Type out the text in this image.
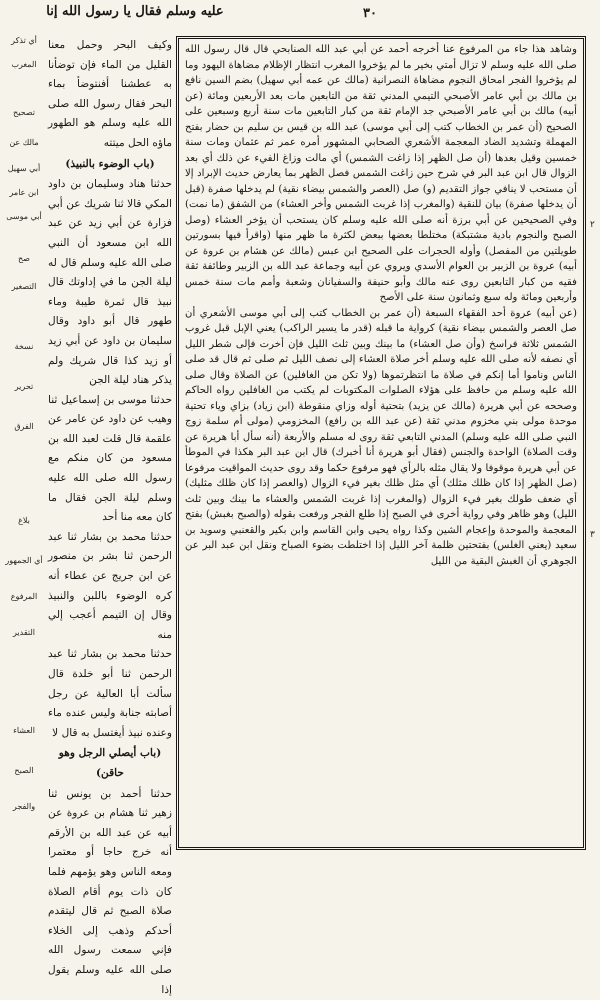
عليه وسلم فقال يا رسول الله إنا	٣٠

وشاهد هذا جاء من المرفوع عنا أخرجه أحمد عن أبي عبد الله الصنابحي قال قال رسول الله صلى الله عليه وسلم لا تزال أمتي بخير ما لم يؤخروا المغرب انتظار الإظلام مضاهاة اليهود وما لم يؤخروا الفجر امحاق النجوم مضاهاة النصرانية (مالك عن عمه أبي سهيل) بضم السين نافع بن مالك بن أبي عامر الأصبحي التيمي المدني ثقة من التابعين مات بعد الأربعين ومائة (عن أبيه) مالك بن أبي عامر الأصبحي جد الإمام ثقة من كبار التابعين مات سنة أربع وسبعين على الصحيح (أن عمر بن الخطاب كتب إلى أبي موسى) عبد الله بن قيس بن سليم بن حضار بفتح المهملة وتشديد الضاد المعجمة الأشعري الصحابي المشهور أمره عمر ثم عثمان ومات سنة خمسين وقيل بعدها (أن صل الظهر إذا زاغت الشمس) أي مالت وزاغ الفيء عن ذلك أي بعد الزوال قال ابن عبد البر في شرح حين زاغت الشمس فصل الظهر بما يعارض حديث الإبراد إلا أن مستحب لا ينافي جواز التقديم (و) صل (العصر والشمس بيضاء نقية) لم يدخلها صفرة (قبل أن يدخلها صفرة) بيان للنقية (والمغرب إذا غربت الشمس وأخر العشاء) من الشفق (ما نمت) وفي الصحيحين عن أبي برزة أنه صلى الله عليه وسلم كان يستحب أن يؤخر العشاء (وصل الصبح والنجوم بادية مشتبكة) مختلطا بعضها ببعض لكثرة ما ظهر منها (واقرأ فيها بسورتين طويلتين من المفصل) وأوله الحجرات على الصحيح ابن عبس (مالك عن هشام بن عروة عن أبيه) عروة بن الزبير بن العوام الأسدي ويروي عن أبيه وجماعة عبد الله بن الزبير وطائفة ثقة فقيه من كبار التابعين روى عنه مالك وأبو حنيفة والسفيانان وشعبة وأمم مات سنة خمس وأربعين ومائة وله سبع وثمانون سنة على الأصح

(عن أبيه) عروة أحد الفقهاء السبعة (أن عمر بن الخطاب كتب إلى أبي موسى الأشعري أن صل العصر والشمس بيضاء نقية) كرواية ما قبله (قدر ما يسير الراكب) يعني الإبل قبل غروب الشمس ثلاثة فراسخ (وأن صل العشاء) ما بينك وبين ثلث الليل فإن أخرت فإلى شطر الليل أي نصفه لأنه صلى الله عليه وسلم أخر صلاة العشاء إلى نصف الليل ثم صلى ثم قال قد صلى الناس وناموا أما إنكم في صلاة ما انتظرتموها (ولا تكن من الغافلين) عن الصلاة وقال صلى الله عليه وسلم من حافظ على هؤلاء الصلوات المكتوبات لم يكتب من الغافلين رواه الحاكم وصححه عن أبي هريرة (مالك عن يزيد) بتحتية أوله وزاي منقوطة (ابن زياد) بزاي وياء تحتية موحدة مولى بني مخزوم مدني ثقة (عن عبد الله بن رافع) المخزومي (مولى أم سلمة زوج النبي صلى الله عليه وسلم) المدني التابعي ثقة روى له مسلم والأربعة (أنه سأل أبا هريرة عن وقت الصلاة) الواحدة والجنس (فقال أبو هريرة أنا أخبرك) قال ابن عبد البر هكذا في الموطأ عن أبي هريرة موقوفا ولا يقال مثله بالرأي فهو مرفوع حكما وقد روى حديث المواقيت مرفوعا (صل الظهر إذا كان ظلك مثلك) أي مثل ظلك بغير فيء الزوال (والعصر إذا كان ظلك مثليك) أي ضعف طولك بغير فيء الزوال (والمغرب إذا غربت الشمس والعشاء ما بينك وبين ثلث الليل) وهو ظاهر وفي رواية أخرى في الصبح إذا طلع الفجر ورفعت بقوله (والصبح بغبش) بفتح المعجمة والموحدة وإعجام الشين وكذا رواه يحيى وابن القاسم وابن بكير والقعنبي وسويد بن سعيد (يعني الغلس) بفتحتين ظلمة آخر الليل إذا اختلطت بضوء الصباح ونقل ابن عبد البر عن الجوهري أن الغبش البقية من الليل

وكيف البحر وحمل معنا القليل من الماء فإن توضأنا به عطشنا أفنتوضأ بماء البحر فقال رسول الله صلى الله عليه وسلم هو الطهور ماؤه الحل ميتته

(باب الوضوء بالنبيذ)

حدثنا هناد وسليمان بن داود المكي قالا ثنا شريك عن أبي فزارة عن أبي زيد عن عبد الله ابن مسعود أن النبي صلى الله عليه وسلم قال له ليلة الجن ما في إداوتك قال نبيذ قال ثمرة طيبة وماء طهور قال أبو داود وقال سليمان بن داود عن أبي زيد أو زيد كذا قال شريك ولم يذكر هناد ليلة الجن

حدثنا موسى بن إسماعيل ثنا وهيب عن داود عن عامر عن علقمة قال قلت لعبد الله بن مسعود من كان منكم مع رسول الله صلى الله عليه وسلم ليلة الجن فقال ما كان معه منا أحد

حدثنا محمد بن بشار ثنا عبد الرحمن ثنا بشر بن منصور عن ابن جريج عن عطاء أنه كره الوضوء باللبن والنبيذ وقال إن التيمم أعجب إلي منه

حدثنا محمد بن بشار ثنا عبد الرحمن ثنا أبو خلدة قال سألت أبا العالية عن رجل أصابته جنابة وليس عنده ماء وعنده نبيذ أيغتسل به قال لا

(باب أيصلي الرجل وهو حاقن)

حدثنا أحمد بن يونس ثنا زهير ثنا هشام بن عروة عن أبيه عن عبد الله بن الأرقم أنه خرج حاجا أو معتمرا ومعه الناس وهو يؤمهم فلما كان ذات يوم أقام الصلاة صلاة الصبح ثم قال ليتقدم أحدكم وذهب إلى الخلاء فإني سمعت رسول الله صلى الله عليه وسلم يقول إذا

أي تذكر
المغرب
تصحيح
مالك عن
أبي سهيل
ابن عامر
أبي موسى
صح
التصغير
نسخة
تحرير
الفرق
بلاغ
أي الجمهور
المرفوع
التقدير
العشاء
الصبح
والفجر
٢
٣
